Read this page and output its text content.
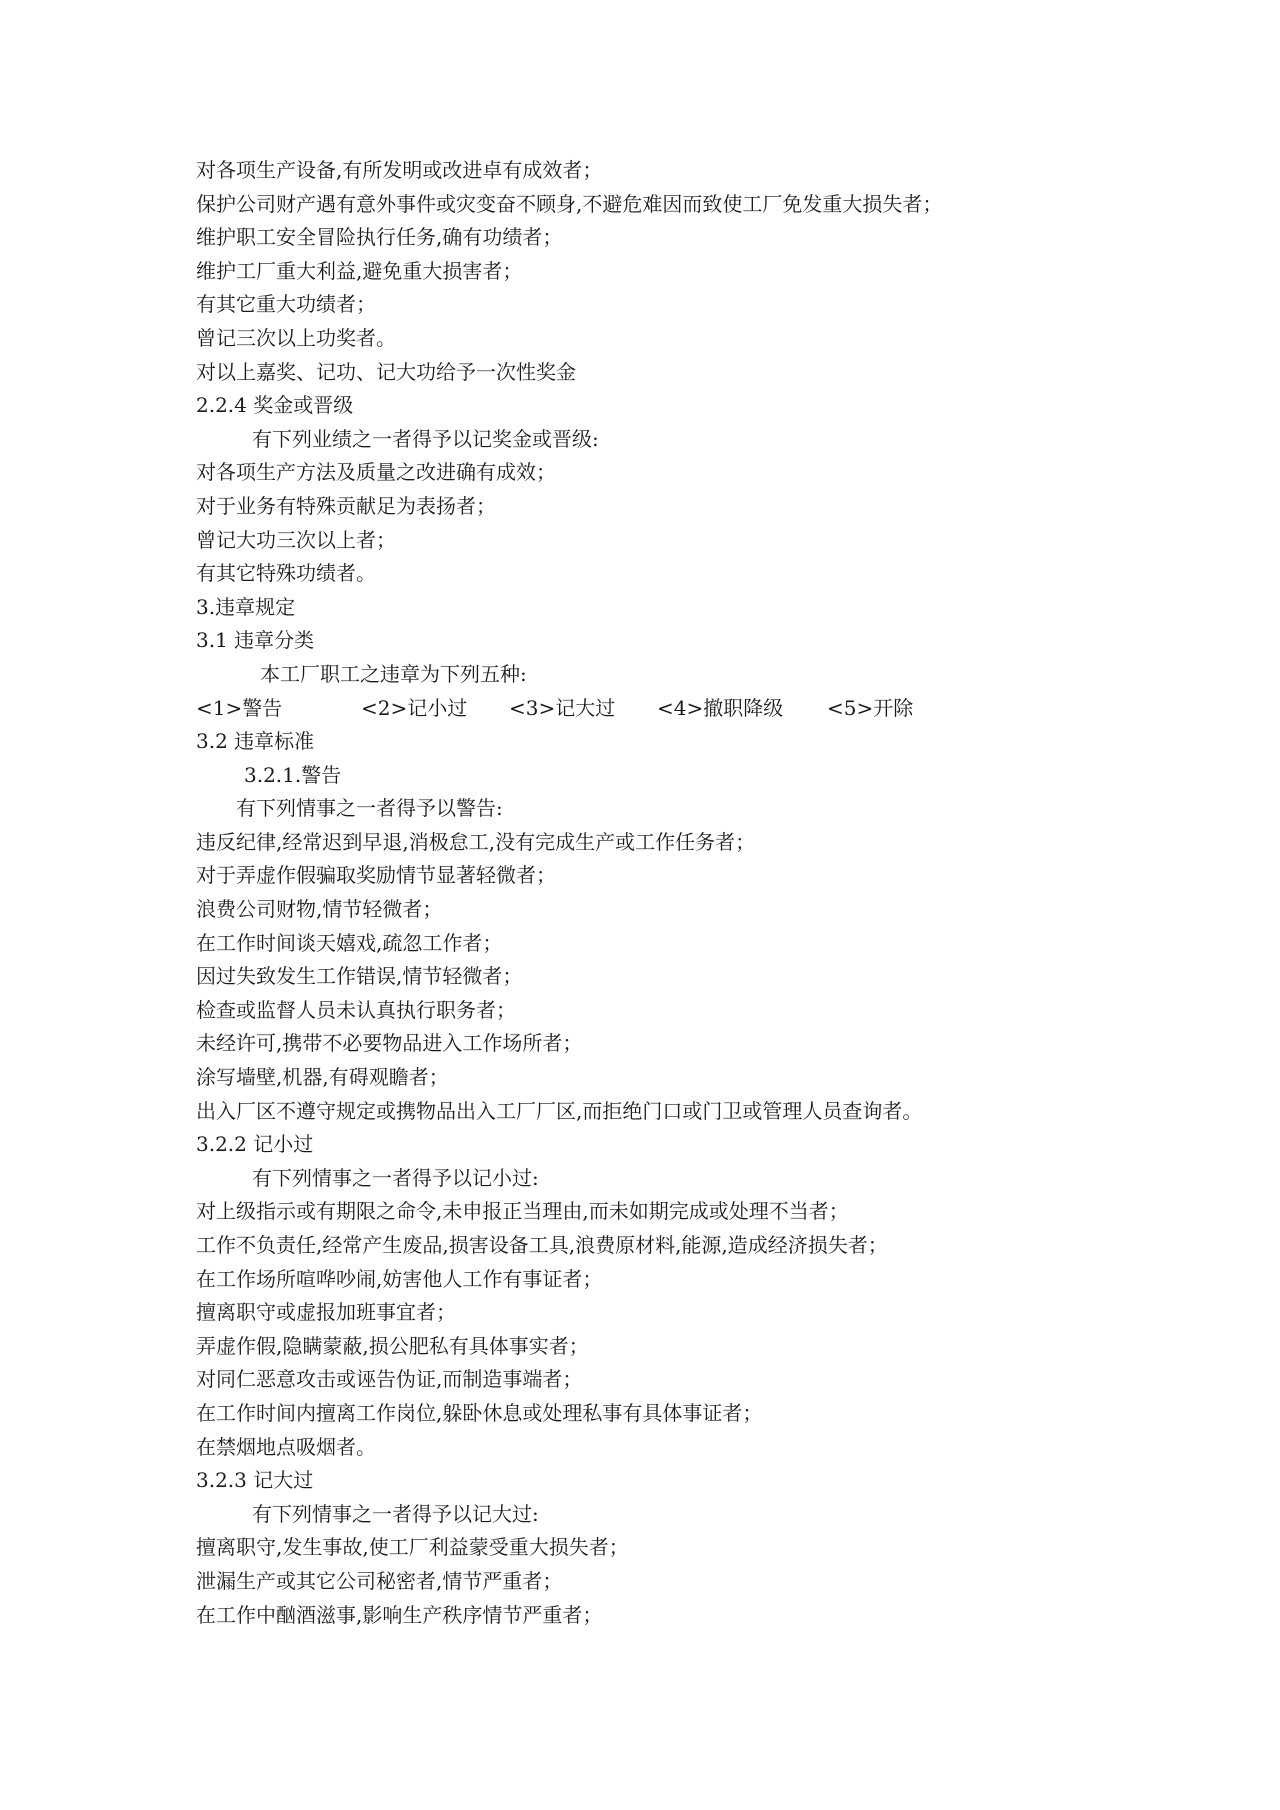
对各项生产设备,有所发明或改进卓有成效者；
保护公司财产遇有意外事件或灾变奋不顾身,不避危难因而致使工厂免发重大损失者；
维护职工安全冒险执行任务,确有功绩者；
维护工厂重大利益,避免重大损害者；
有其它重大功绩者；
曾记三次以上功奖者。
对以上嘉奖、记功、记大功给予一次性奖金
2.2.4 奖金或晋级
有下列业绩之一者得予以记奖金或晋级:
对各项生产方法及质量之改进确有成效；
对于业务有特殊贡献足为表扬者；
曾记大功三次以上者；
有其它特殊功绩者。
3.违章规定
3.1 违章分类
本工厂职工之违章为下列五种:
<1>警告	<2>记小过	<3>记大过	<4>撤职降级	<5>开除
3.2 违章标准
3.2.1.警告
有下列情事之一者得予以警告:
违反纪律,经常迟到早退,消极怠工,没有完成生产或工作任务者；
对于弄虚作假骗取奖励情节显著轻微者；
浪费公司财物,情节轻微者；
在工作时间谈天嬉戏,疏忽工作者；
因过失致发生工作错误,情节轻微者；
检查或监督人员未认真执行职务者；
未经许可,携带不必要物品进入工作场所者；
涂写墙壁,机器,有碍观瞻者；
出入厂区不遵守规定或携物品出入工厂厂区,而拒绝门口或门卫或管理人员查询者。
3.2.2 记小过
有下列情事之一者得予以记小过:
对上级指示或有期限之命令,未申报正当理由,而未如期完成或处理不当者；
工作不负责任,经常产生废品,损害设备工具,浪费原材料,能源,造成经济损失者；
在工作场所喧哗吵闹,妨害他人工作有事证者；
擅离职守或虚报加班事宜者；
弄虚作假,隐瞒蒙蔽,损公肥私有具体事实者；
对同仁恶意攻击或诬告伪证,而制造事端者；
在工作时间内擅离工作岗位,躲卧休息或处理私事有具体事证者；
在禁烟地点吸烟者。
3.2.3 记大过
有下列情事之一者得予以记大过:
擅离职守,发生事故,使工厂利益蒙受重大损失者；
泄漏生产或其它公司秘密者,情节严重者；
在工作中酗酒滋事,影响生产秩序情节严重者；
